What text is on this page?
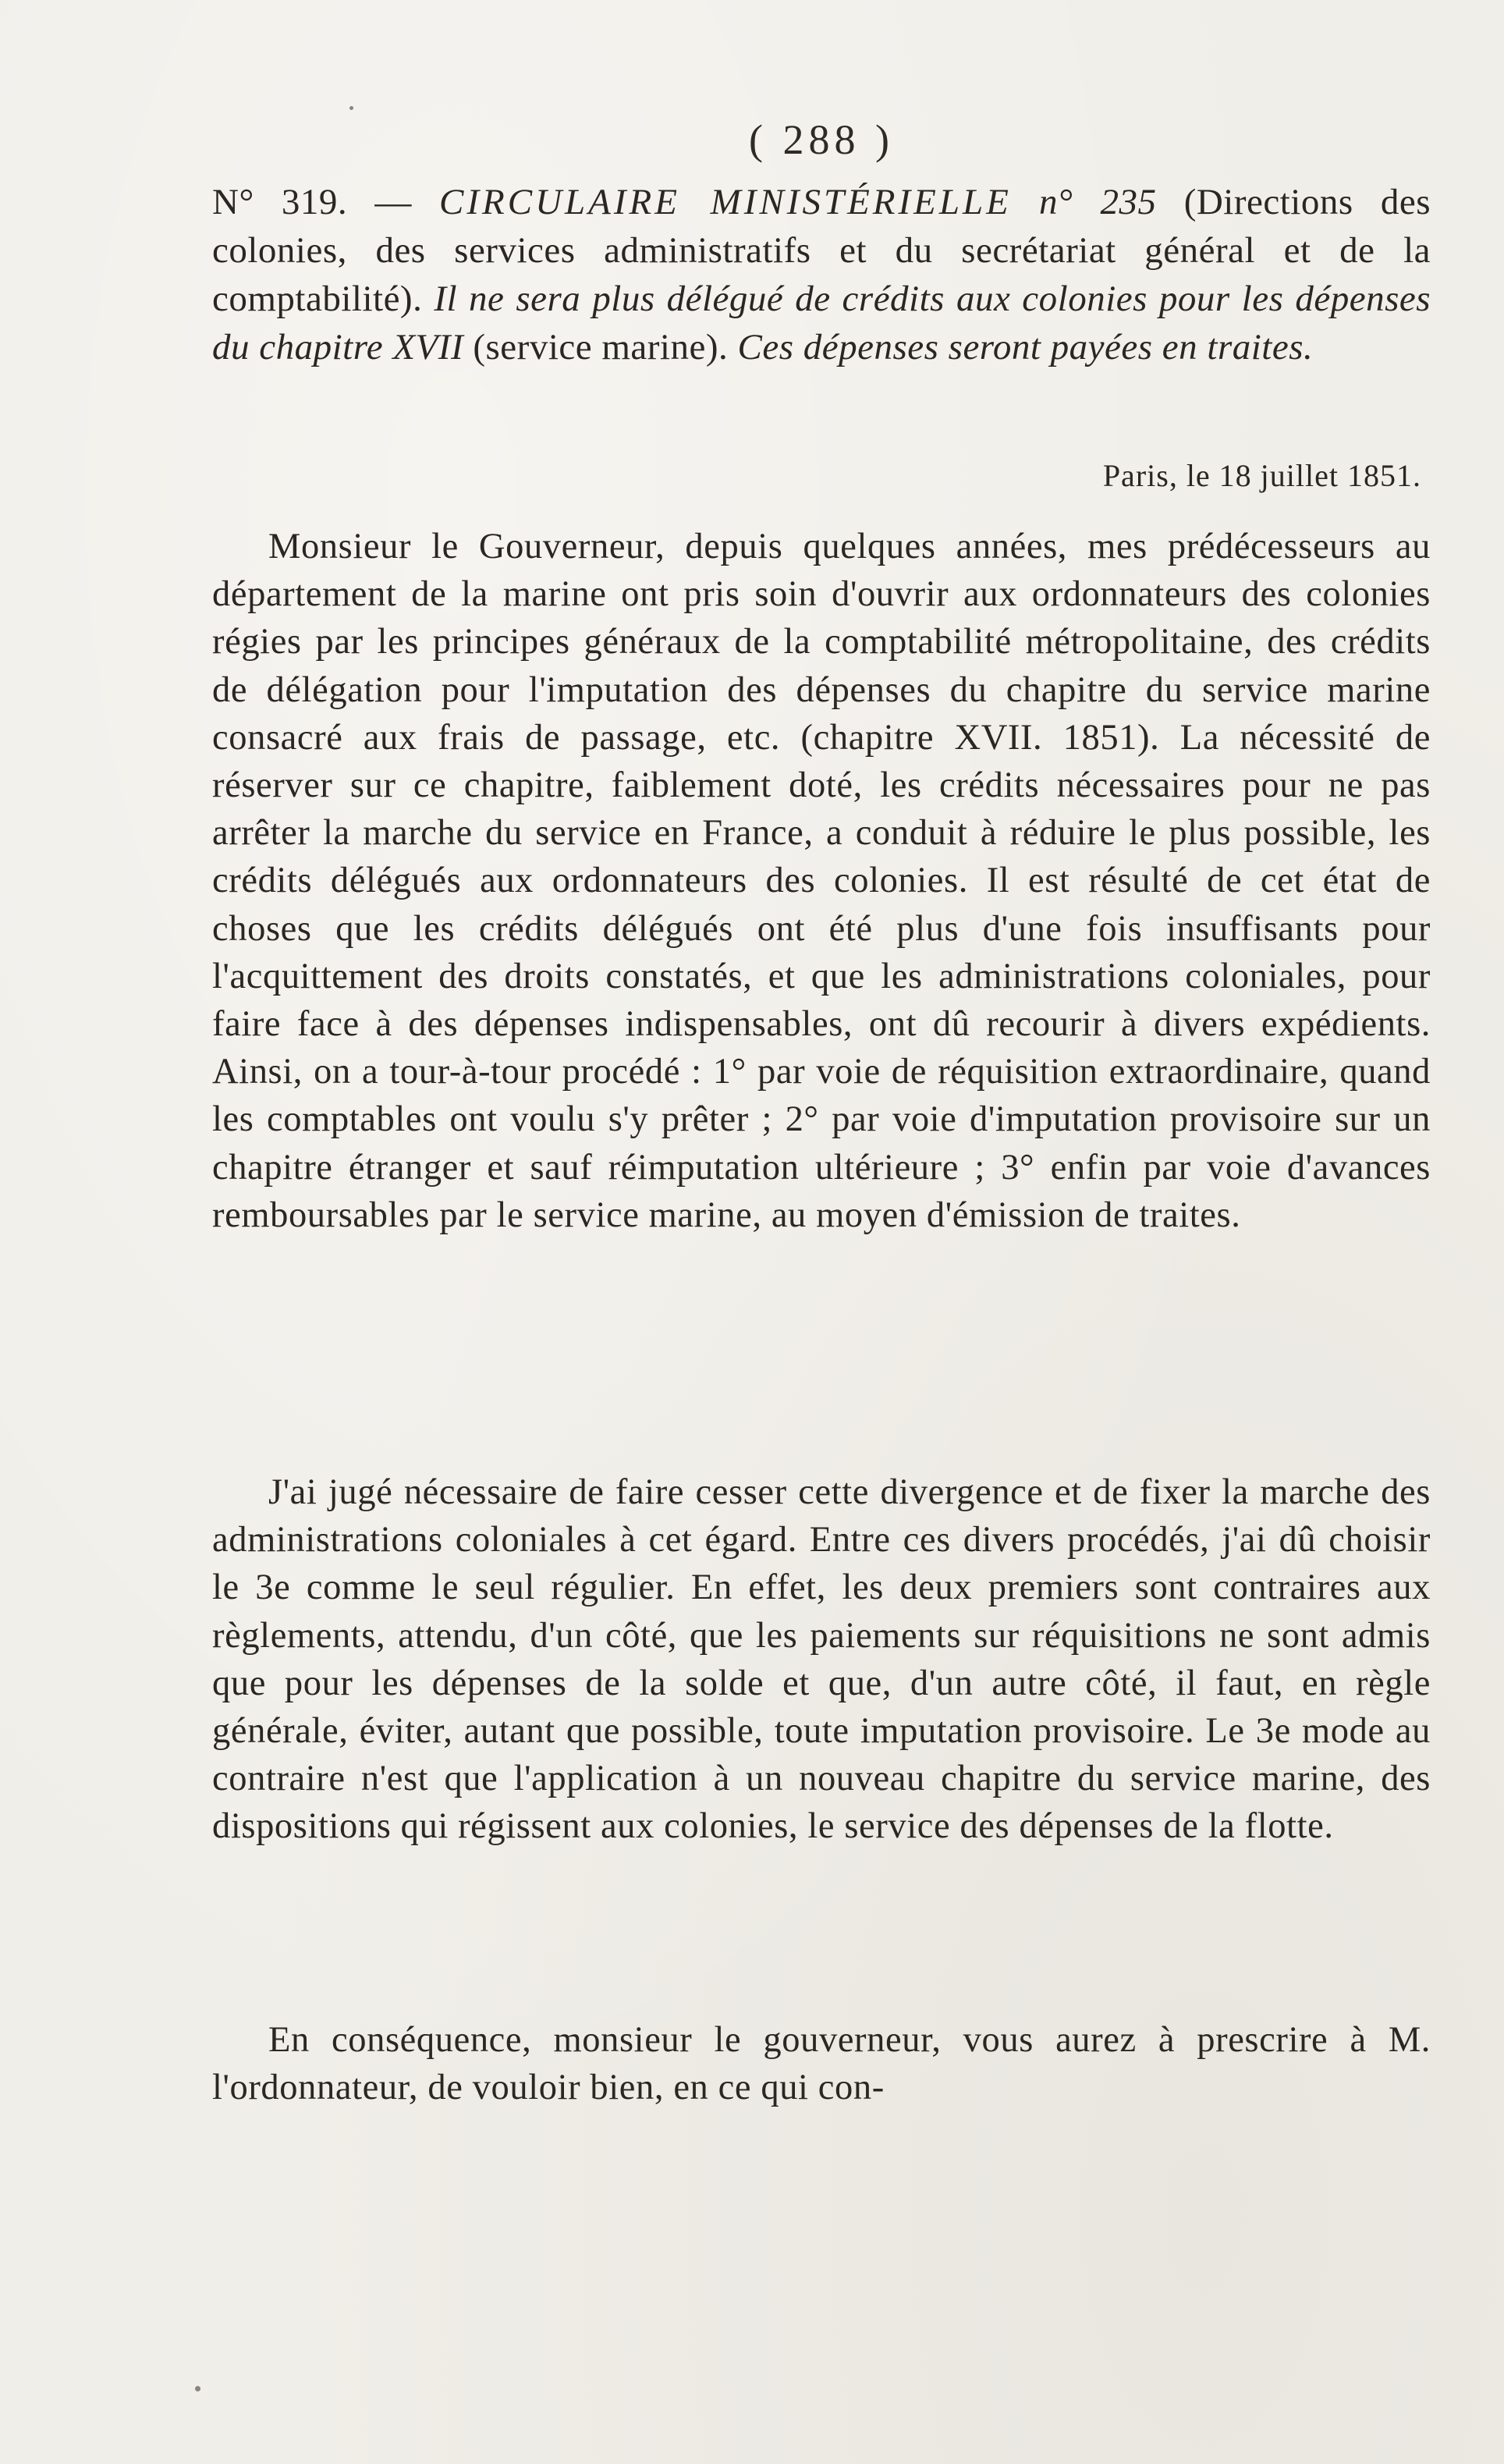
( 288 )
N° 319. — CIRCULAIRE MINISTÉRIELLE n° 235 (Directions des colonies, des services administratifs et du secrétariat général et de la comptabilité). Il ne sera plus délégué de crédits aux colonies pour les dépenses du chapitre XVII (service marine). Ces dépenses seront payées en traites.
Paris, le 18 juillet 1851.

Monsieur le Gouverneur, depuis quelques années, mes prédécesseurs au département de la marine ont pris soin d'ouvrir aux ordonnateurs des colonies régies par les principes généraux de la comptabilité métropolitaine, des crédits de délégation pour l'imputation des dépenses du chapitre du service marine consacré aux frais de passage, etc. (chapitre XVII. 1851). La nécessité de réserver sur ce chapitre, faiblement doté, les crédits nécessaires pour ne pas arrêter la marche du service en France, a conduit à réduire le plus possible, les crédits délégués aux ordonnateurs des colonies. Il est résulté de cet état de choses que les crédits délégués ont été plus d'une fois insuffisants pour l'acquittement des droits constatés, et que les administrations coloniales, pour faire face à des dépenses indispensables, ont dû recourir à divers expédients. Ainsi, on a tour-à-tour procédé : 1° par voie de réquisition extraordinaire, quand les comptables ont voulu s'y prêter ; 2° par voie d'imputation provisoire sur un chapitre étranger et sauf réimputation ultérieure ; 3° enfin par voie d'avances remboursables par le service marine, au moyen d'émission de traites.

J'ai jugé nécessaire de faire cesser cette divergence et de fixer la marche des administrations coloniales à cet égard. Entre ces divers procédés, j'ai dû choisir le 3e comme le seul régulier. En effet, les deux premiers sont contraires aux règlements, attendu, d'un côté, que les paiements sur réquisitions ne sont admis que pour les dépenses de la solde et que, d'un autre côté, il faut, en règle générale, éviter, autant que possible, toute imputation provisoire. Le 3e mode au contraire n'est que l'application à un nouveau chapitre du service marine, des dispositions qui régissent aux colonies, le service des dépenses de la flotte.

En conséquence, monsieur le gouverneur, vous aurez à prescrire à M. l'ordonnateur, de vouloir bien, en ce qui con-
